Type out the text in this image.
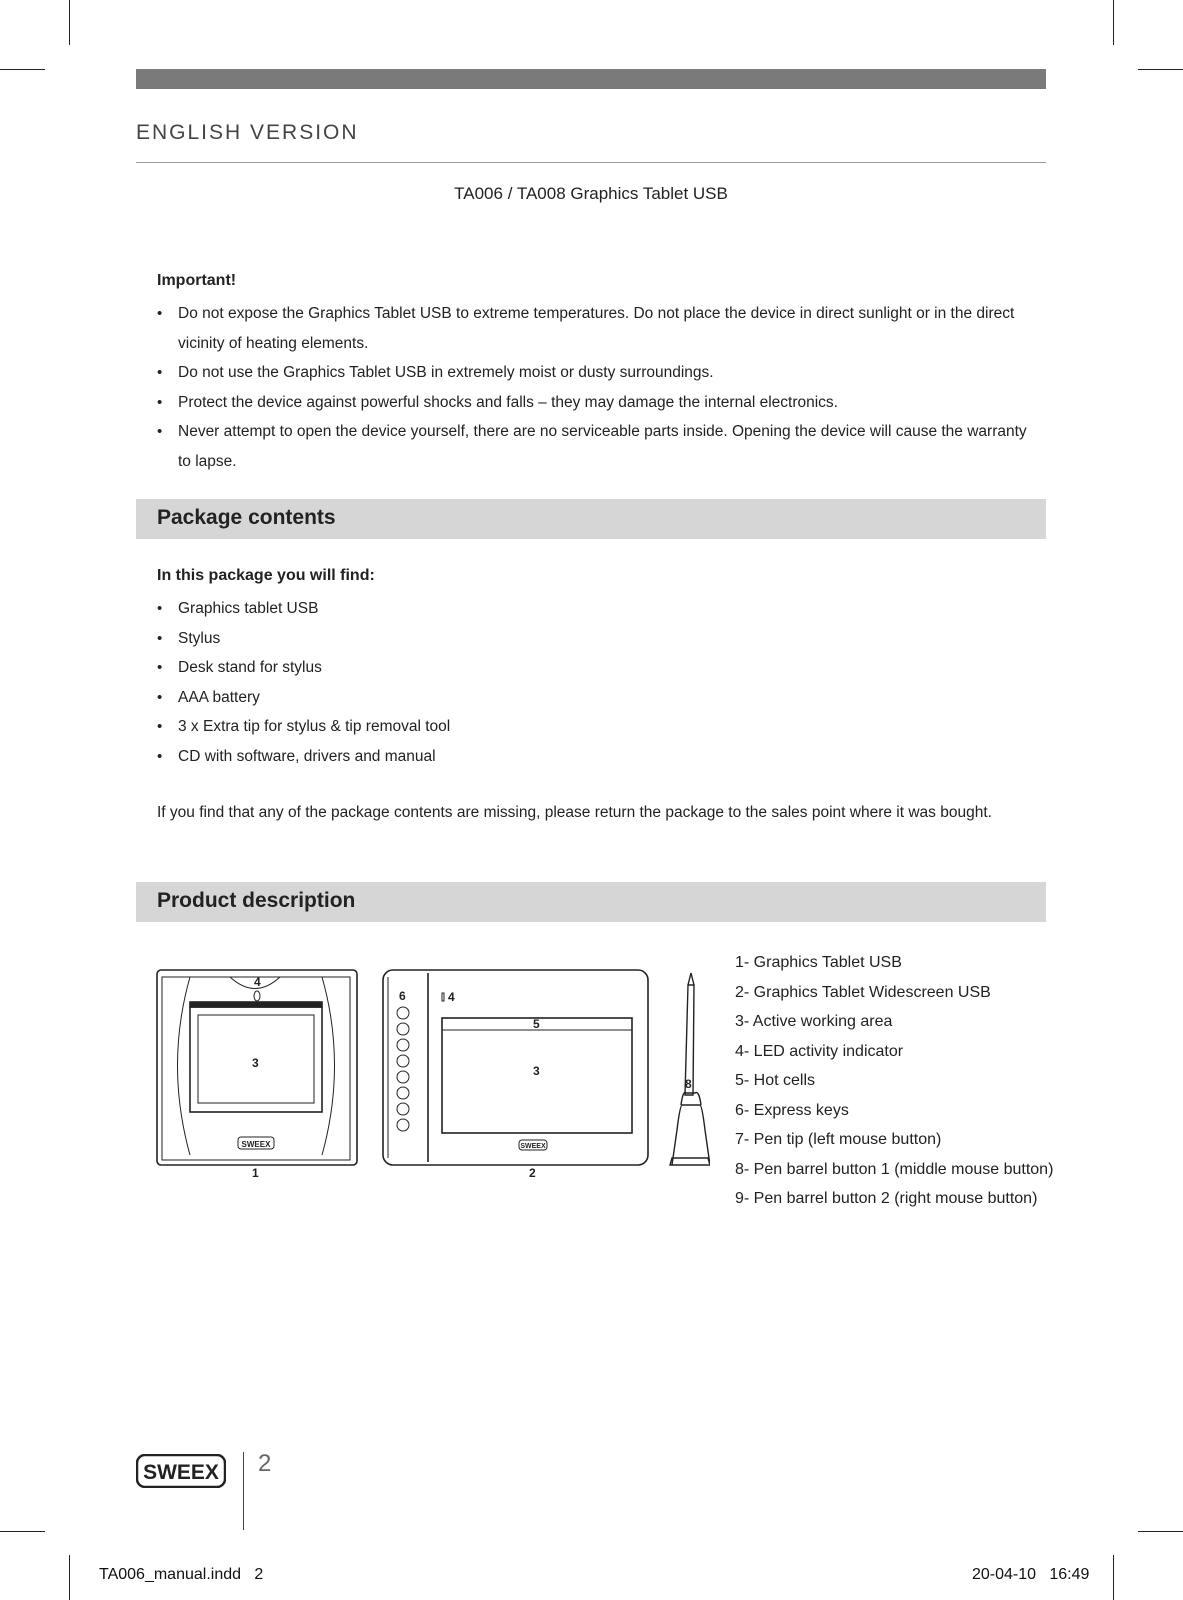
ENGLISH VERSION
TA006 / TA008 Graphics Tablet USB
Important!
• Do not expose the Graphics Tablet USB to extreme temperatures. Do not place the device in direct sunlight or in the direct vicinity of heating elements.
• Do not use the Graphics Tablet USB in extremely moist or dusty surroundings.
• Protect the device against powerful shocks and falls – they may damage the internal electronics.
• Never attempt to open the device yourself, there are no serviceable parts inside. Opening the device will cause the warranty to lapse.
Package contents
In this package you will find:
• Graphics tablet USB
• Stylus
• Desk stand for stylus
• AAA battery
• 3 x Extra tip for stylus & tip removal tool
• CD with software, drivers and manual
If you find that any of the package contents are missing, please return the package to the sales point where it was bought.
Product description
4
3
SWEEX
1
6	4
5
3
SWEEX
2
8
1- Graphics Tablet USB
2- Graphics Tablet Widescreen USB
3- Active working area
4- LED activity indicator
5- Hot cells
6- Express keys
7- Pen tip (left mouse button)
8- Pen barrel button 1 (middle mouse button)
9- Pen barrel button 2 (right mouse button)
SWEEX 2
TA006_manual.indd   2	20-04-10   16:49
